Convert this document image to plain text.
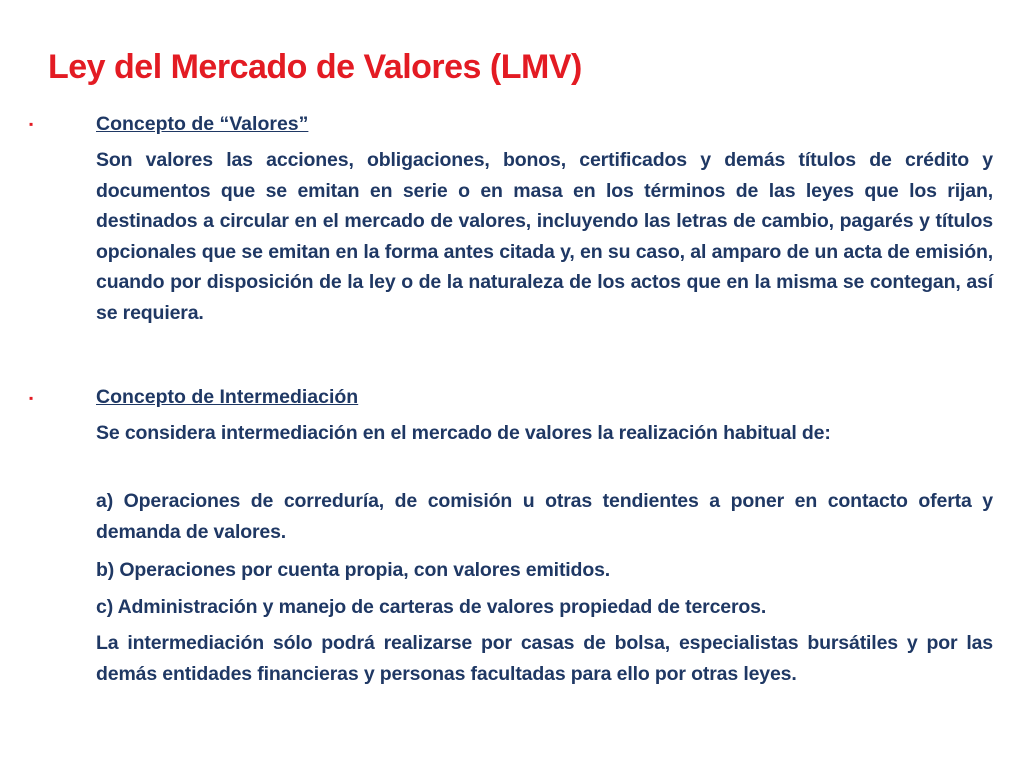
Ley del Mercado de Valores (LMV)
▪	Concepto de “Valores”

Son valores las acciones, obligaciones, bonos, certificados y demás títulos de crédito y documentos que se emitan en serie o en masa en los términos de las leyes que los rijan, destinados a circular en el mercado de valores, incluyendo las letras de cambio, pagarés y títulos opcionales que se emitan en la forma antes citada y, en su caso, al amparo de un acta de emisión, cuando por disposición de la ley o de la naturaleza de los actos que en la misma se contegan, así se requiera.

▪	Concepto de Intermediación

Se considera intermediación en el mercado de valores la realización habitual de:

a) Operaciones de correduría, de comisión u otras tendientes a poner en contacto oferta y demanda de valores.

b) Operaciones por cuenta propia, con valores emitidos.

c) Administración y manejo de carteras de valores propiedad de terceros.

La intermediación sólo podrá realizarse por casas de bolsa, especialistas bursátiles y por las demás entidades financieras y personas facultadas para ello por otras leyes.
